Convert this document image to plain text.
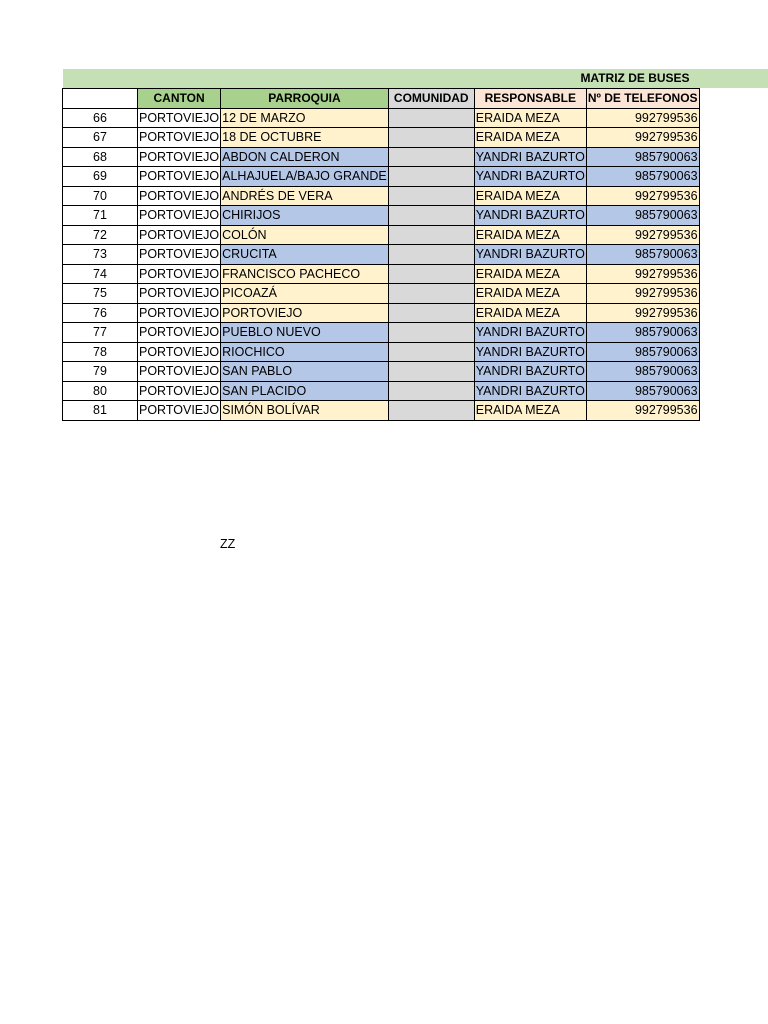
MATRIZ DE BUSES
	CANTON	PARROQUIA	COMUNIDAD	RESPONSABLE	Nº DE TELEFONOS
66	PORTOVIEJO	12 DE MARZO		ERAIDA MEZA	992799536
67	PORTOVIEJO	18 DE OCTUBRE		ERAIDA MEZA	992799536
68	PORTOVIEJO	ABDON CALDERON		YANDRI BAZURTO	985790063
69	PORTOVIEJO	ALHAJUELA/BAJO GRANDE		YANDRI BAZURTO	985790063
70	PORTOVIEJO	ANDRÉS DE VERA		ERAIDA MEZA	992799536
71	PORTOVIEJO	CHIRIJOS		YANDRI BAZURTO	985790063
72	PORTOVIEJO	COLÓN		ERAIDA MEZA	992799536
73	PORTOVIEJO	CRUCITA		YANDRI BAZURTO	985790063
74	PORTOVIEJO	FRANCISCO PACHECO		ERAIDA MEZA	992799536
75	PORTOVIEJO	PICOAZÁ		ERAIDA MEZA	992799536
76	PORTOVIEJO	PORTOVIEJO		ERAIDA MEZA	992799536
77	PORTOVIEJO	PUEBLO NUEVO		YANDRI BAZURTO	985790063
78	PORTOVIEJO	RIOCHICO		YANDRI BAZURTO	985790063
79	PORTOVIEJO	SAN PABLO		YANDRI BAZURTO	985790063
80	PORTOVIEJO	SAN PLACIDO		YANDRI BAZURTO	985790063
81	PORTOVIEJO	SIMÓN BOLÍVAR		ERAIDA MEZA	992799536
ZZ
